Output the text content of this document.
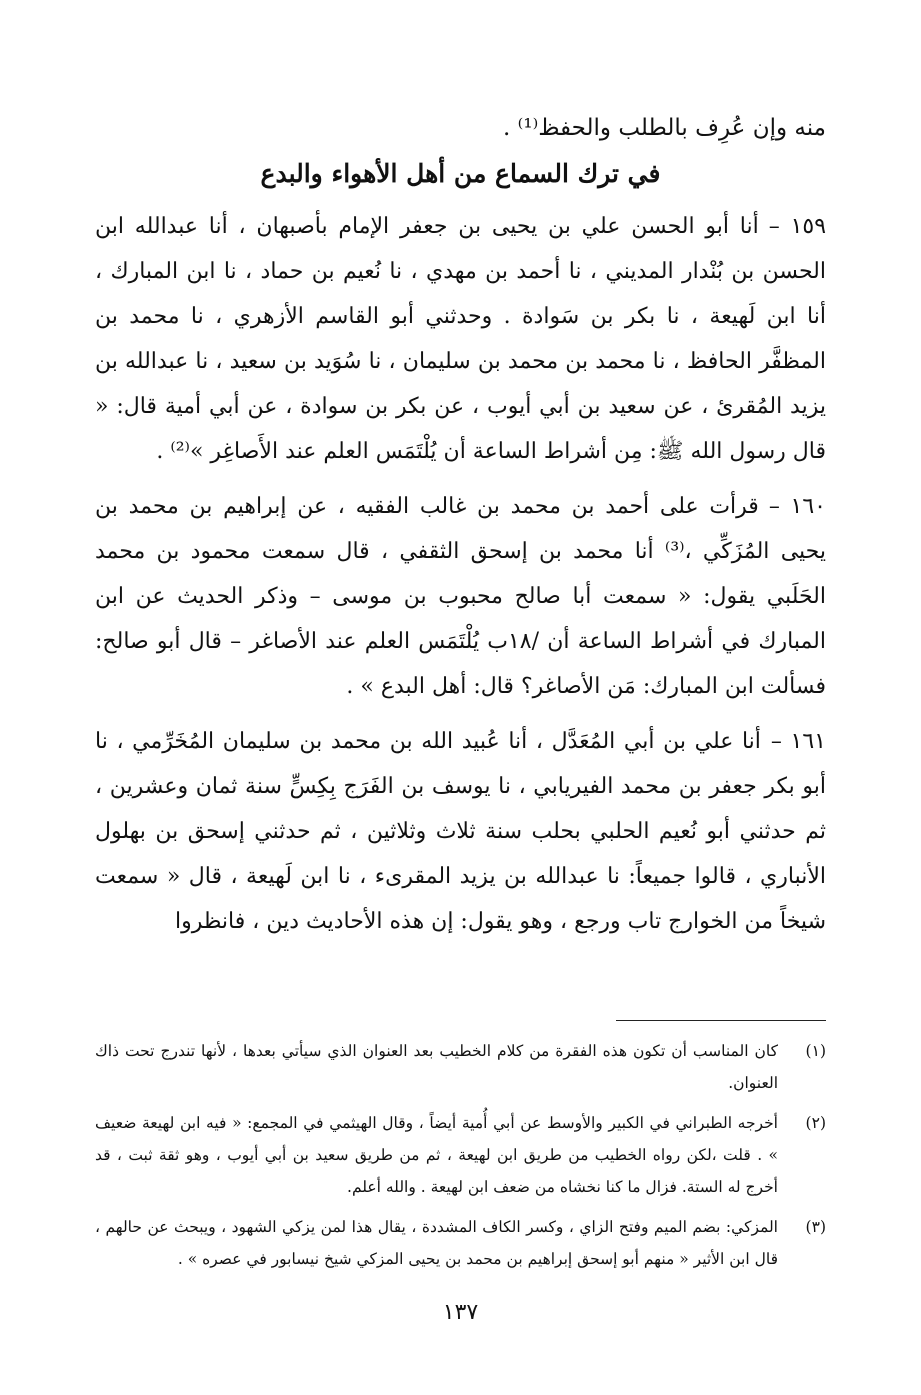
منه وإن عُرِف بالطلب والحفظ⁽¹⁾ .
في ترك السماع من أهل الأهواء والبدع
١٥٩ –أنا أبو الحسن علي بن يحيى بن جعفر الإمام بأصبهان ، أنا عبدالله ابن الحسن بن بُنْدار المديني ، نا أحمد بن مهدي ، نا نُعيم بن حماد ، نا ابن المبارك ، أنا ابن لَهيعة ، نا بكر بن سَوادة . وحدثني أبو القاسم الأزهري ، نا محمد بن المظفَّر الحافظ ، نا محمد بن محمد بن سليمان ، نا سُوَيد بن سعيد ، نا عبدالله بن يزيد المُقرئ ، عن سعيد بن أبي أيوب ، عن بكر بن سوادة ، عن أبي أمية قال: « قال رسول الله ﷺ: مِن أشراط الساعة أن يُلْتَمَس العلم عند الأَصاغِر »⁽²⁾ .
١٦٠ –قرأت على أحمد بن محمد بن غالب الفقيه ، عن إبراهيم بن محمد بن يحيى المُزَكِّي ،⁽³⁾ أنا محمد بن إسحق الثقفي ، قال سمعت محمود بن محمد الحَلَبي يقول: « سمعت أبا صالح محبوب بن موسى – وذكر الحديث عن ابن المبارك في أشراط الساعة أن /١٨ب يُلْتَمَس العلم عند الأصاغر – قال أبو صالح: فسألت ابن المبارك: مَن الأصاغر؟ قال: أهل البدع » .
١٦١ –أنا علي بن أبي المُعَدَّل ، أنا عُبيد الله بن محمد بن سليمان المُخَرِّمي ، نا أبو بكر جعفر بن محمد الفيريابي ، نا يوسف بن الفَرَج بِكِسٍّ سنة ثمان وعشرين ، ثم حدثني أبو نُعيم الحلبي بحلب سنة ثلاث وثلاثين ، ثم حدثني إسحق بن بهلول الأنباري ، قالوا جميعاً: نا عبدالله بن يزيد المقرىء ، نا ابن لَهيعة ، قال « سمعت شيخاً من الخوارج تاب ورجع ، وهو يقول: إن هذه الأحاديث دين ، فانظروا
(١)
كان المناسب أن تكون هذه الفقرة من كلام الخطيب بعد العنوان الذي سيأتي بعدها ، لأنها تندرج تحت ذاك العنوان.
(٢)
أخرجه الطبراني في الكبير والأوسط عن أبي أُمية أيضاً ، وقال الهيثمي في المجمع: « فيه ابن لهيعة ضعيف » . قلت ،لكن رواه الخطيب من طريق ابن لهيعة ، ثم من طريق سعيد بن أبي أيوب ، وهو ثقة ثبت ، قد أخرج له الستة. فزال ما كنا نخشاه من ضعف ابن لهيعة . والله أعلم.
(٣)
المزكي: بضم الميم وفتح الزاي ، وكسر الكاف المشددة ، يقال هذا لمن يزكي الشهود ، ويبحث عن حالهم ، قال ابن الأثير « منهم أبو إسحق إبراهيم بن محمد بن يحيى المزكي شيخ نيسابور في عصره » .
١٣٧
